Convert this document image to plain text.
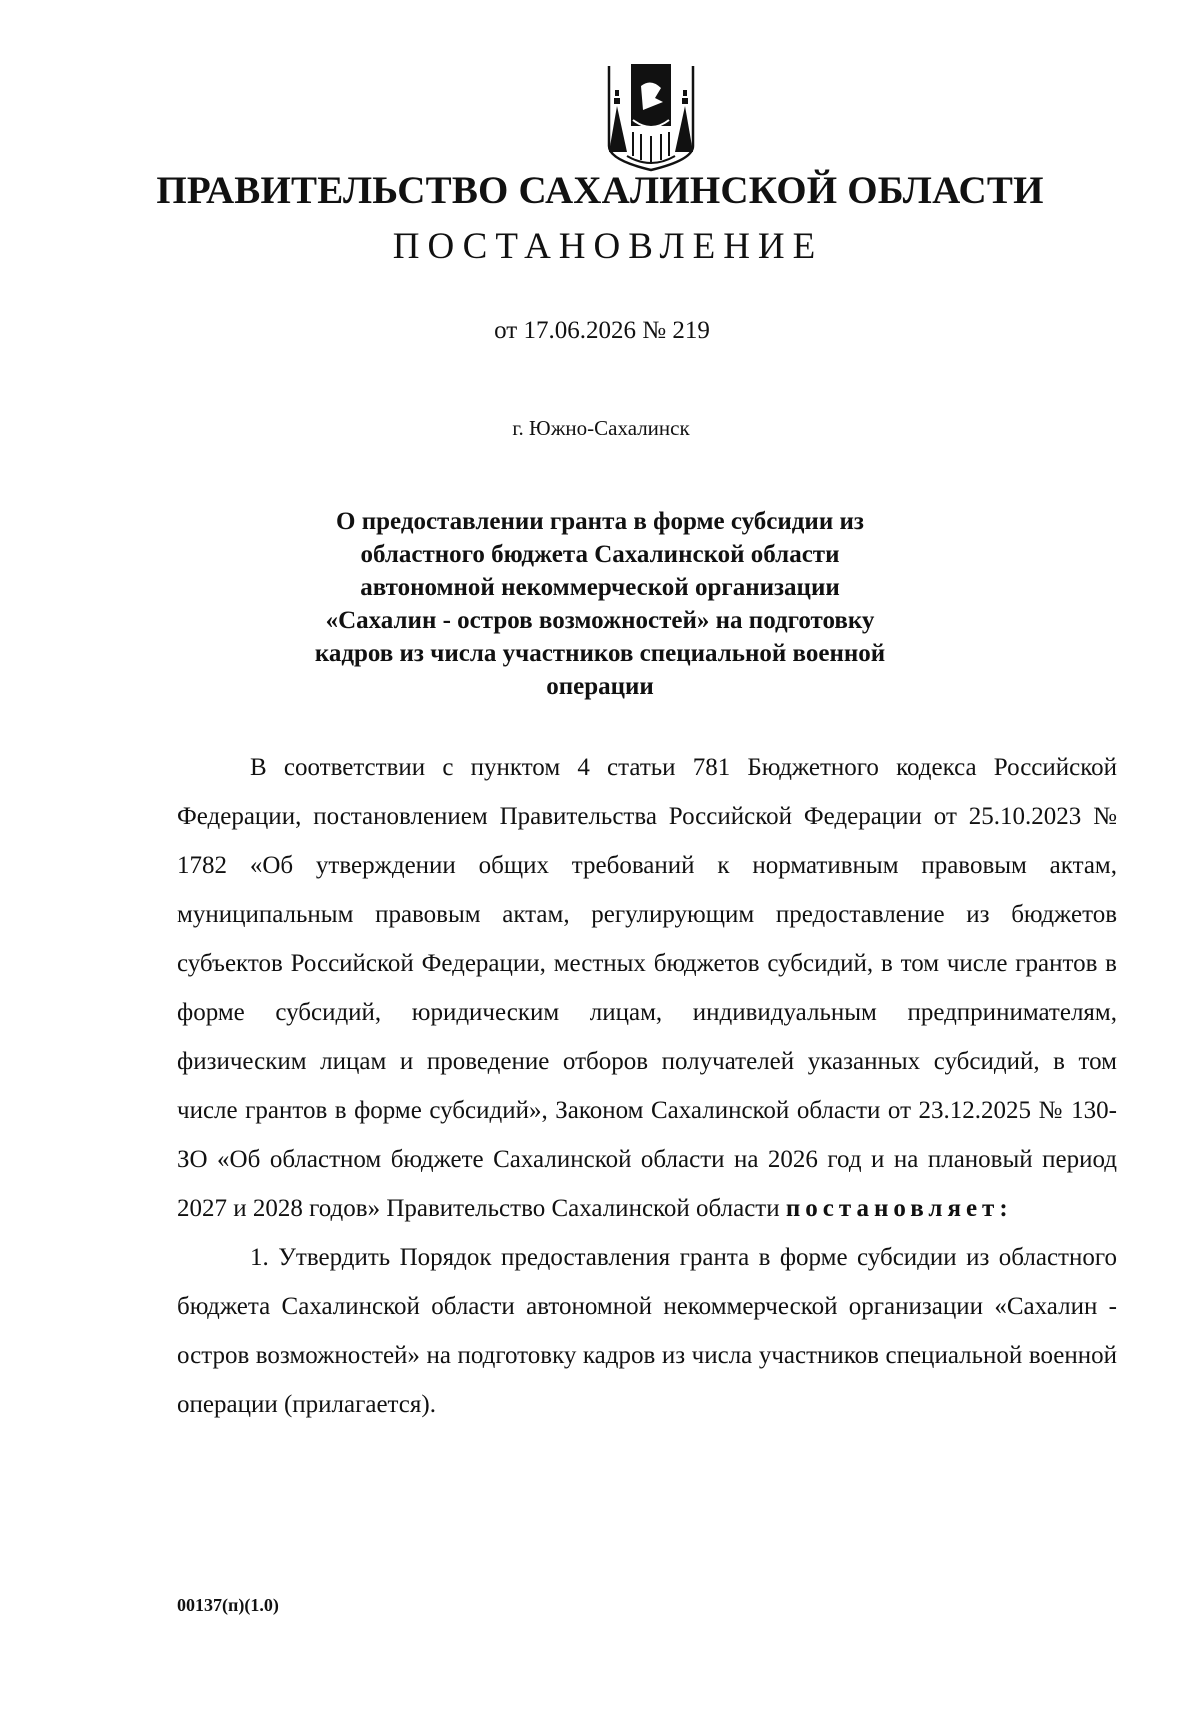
ПРАВИТЕЛЬСТВО САХАЛИНСКОЙ ОБЛАСТИ
ПОСТАНОВЛЕНИЕ
от 17.06.2026 № 219
г. Южно-Сахалинск
О предоставлении гранта в форме субсидии из
областного бюджета Сахалинской области
автономной некоммерческой организации
«Сахалин - остров возможностей» на подготовку
кадров из числа участников специальной военной
операции

В соответствии с пунктом 4 статьи 781 Бюджетного кодекса Российской Федерации, постановлением Правительства Российской Федерации от 25.10.2023 № 1782 «Об утверждении общих требований к нормативным правовым актам, муниципальным правовым актам, регулирующим предоставление из бюджетов субъектов Российской Федерации, местных бюджетов субсидий, в том числе грантов в форме субсидий, юридическим лицам, индивидуальным предпринимателям, физическим лицам и проведение отборов получателей указанных субсидий, в том числе грантов в форме субсидий», Законом Сахалинской области от 23.12.2025 № 130-ЗО «Об областном бюджете Сахалинской области на 2026 год и на плановый период 2027 и 2028 годов» Правительство Сахалинской области постановляет:

1. Утвердить Порядок предоставления гранта в форме субсидии из областного бюджета Сахалинской области автономной некоммерческой организации «Сахалин - остров возможностей» на подготовку кадров из числа участников специальной военной операции (прилагается).

00137(п)(1.0)
